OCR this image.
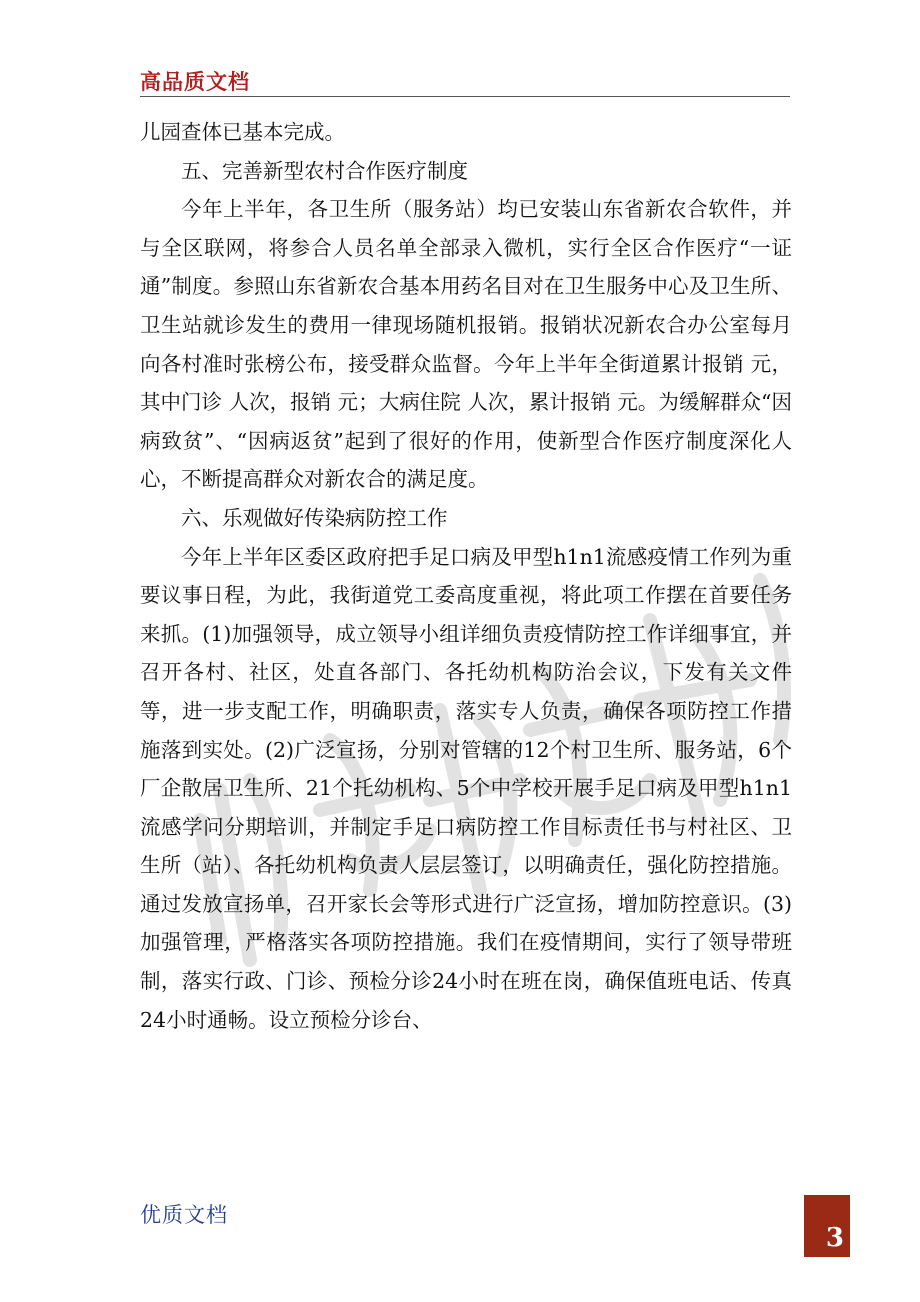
高品质文档

儿园查体已基本完成。

五、完善新型农村合作医疗制度

今年上半年，各卫生所（服务站）均已安装山东省新农合软件，并与全区联网，将参合人员名单全部录入微机，实行全区合作医疗“一证通”制度。参照山东省新农合基本用药名目对在卫生服务中心及卫生所、卫生站就诊发生的费用一律现场随机报销。报销状况新农合办公室每月向各村准时张榜公布，接受群众监督。今年上半年全街道累计报销 元，其中门诊 人次，报销 元；大病住院 人次，累计报销 元。为缓解群众“因病致贫”、“因病返贫”起到了很好的作用，使新型合作医疗制度深化人心，不断提高群众对新农合的满足度。

六、乐观做好传染病防控工作

今年上半年区委区政府把手足口病及甲型h1n1流感疫情工作列为重要议事日程，为此，我街道党工委高度重视，将此项工作摆在首要任务来抓。(1)加强领导，成立领导小组详细负责疫情防控工作详细事宜，并召开各村、社区，处直各部门、各托幼机构防治会议，下发有关文件等，进一步支配工作，明确职责，落实专人负责，确保各项防控工作措施落到实处。(2)广泛宣扬，分别对管辖的12个村卫生所、服务站，6个厂企散居卫生所、21个托幼机构、5个中学校开展手足口病及甲型h1n1流感学问分期培训，并制定手足口病防控工作目标责任书与村社区、卫生所（站）、各托幼机构负责人层层签订，以明确责任，强化防控措施。通过发放宣扬单，召开家长会等形式进行广泛宣扬，增加防控意识。(3)加强管理，严格落实各项防控措施。我们在疫情期间，实行了领导带班制，落实行政、门诊、预检分诊24小时在班在岗，确保值班电话、传真24小时通畅。设立预检分诊台、

优质文档
3
